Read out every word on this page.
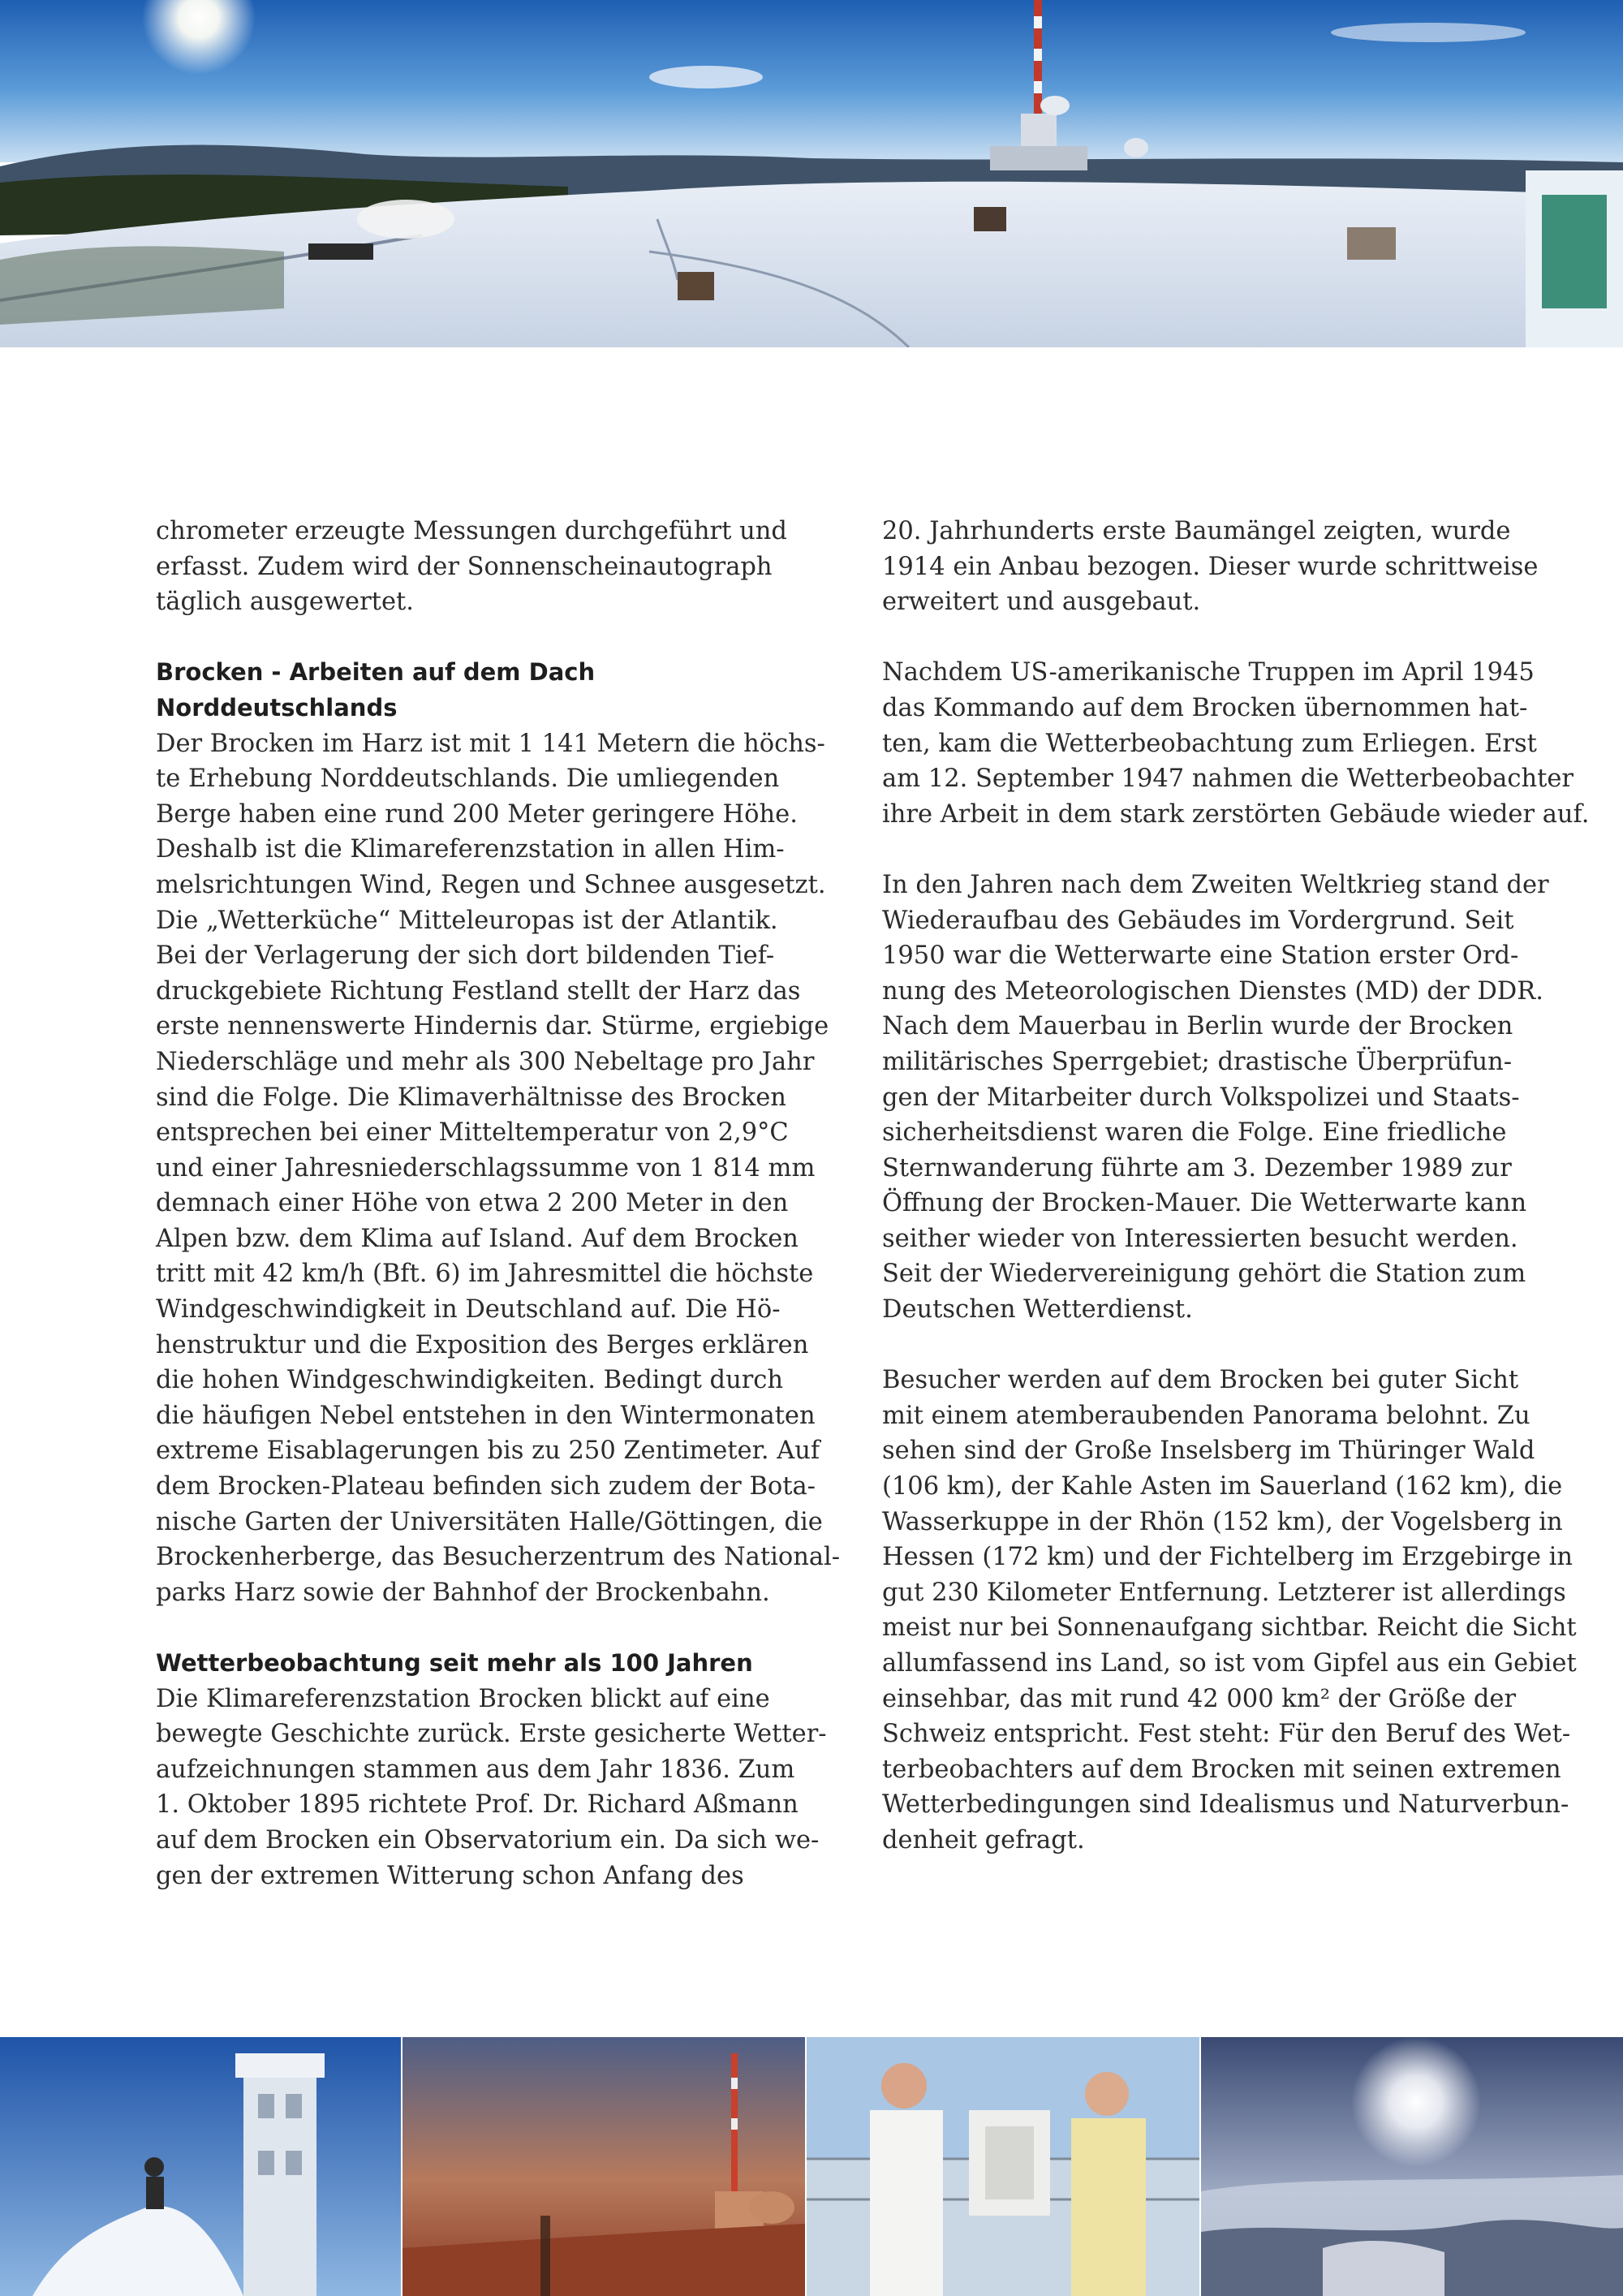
chrometer erzeugte Messungen durchgeführt und
erfasst. Zudem wird der Sonnenscheinautograph
täglich ausgewertet.

Brocken - Arbeiten auf dem Dach Norddeutschlands

Der Brocken im Harz ist mit 1 141 Metern die höchs-
te Erhebung Norddeutschlands. Die umliegenden
Berge haben eine rund 200 Meter geringere Höhe.
Deshalb ist die Klimareferenzstation in allen Him-
melsrichtungen Wind, Regen und Schnee ausgesetzt.
Die „Wetterküche“ Mitteleuropas ist der Atlantik.
Bei der Verlagerung der sich dort bildenden Tief-
druckgebiete Richtung Festland stellt der Harz das
erste nennenswerte Hindernis dar. Stürme, ergiebige
Niederschläge und mehr als 300 Nebeltage pro Jahr
sind die Folge. Die Klimaverhältnisse des Brocken
entsprechen bei einer Mitteltemperatur von 2,9°C
und einer Jahresniederschlagssumme von 1 814 mm
demnach einer Höhe von etwa 2 200 Meter in den
Alpen bzw. dem Klima auf Island. Auf dem Brocken
tritt mit 42 km/h (Bft. 6) im Jahresmittel die höchste
Windgeschwindigkeit in Deutschland auf. Die Hö-
henstruktur und die Exposition des Berges erklären
die hohen Windgeschwindigkeiten. Bedingt durch
die häufigen Nebel entstehen in den Wintermonaten
extreme Eisablagerungen bis zu 250 Zentimeter. Auf
dem Brocken-Plateau befinden sich zudem der Bota-
nische Garten der Universitäten Halle/Göttingen, die
Brockenherberge, das Besucherzentrum des National-
parks Harz sowie der Bahnhof der Brockenbahn.

Wetterbeobachtung seit mehr als 100 Jahren

Die Klimareferenzstation Brocken blickt auf eine
bewegte Geschichte zurück. Erste gesicherte Wetter-
aufzeichnungen stammen aus dem Jahr 1836. Zum
1. Oktober 1895 richtete Prof. Dr. Richard Aßmann
auf dem Brocken ein Observatorium ein. Da sich we-
gen der extremen Witterung schon Anfang des

20. Jahrhunderts erste Baumängel zeigten, wurde
1914 ein Anbau bezogen. Dieser wurde schrittweise
erweitert und ausgebaut.

Nachdem US-amerikanische Truppen im April 1945
das Kommando auf dem Brocken übernommen hat-
ten, kam die Wetterbeobachtung zum Erliegen. Erst
am 12. September 1947 nahmen die Wetterbeobachter
ihre Arbeit in dem stark zerstörten Gebäude wieder auf.

In den Jahren nach dem Zweiten Weltkrieg stand der
Wiederaufbau des Gebäudes im Vordergrund. Seit
1950 war die Wetterwarte eine Station erster Ord-
nung des Meteorologischen Dienstes (MD) der DDR.
Nach dem Mauerbau in Berlin wurde der Brocken
militärisches Sperrgebiet; drastische Überprüfun-
gen der Mitarbeiter durch Volkspolizei und Staats-
sicherheitsdienst waren die Folge. Eine friedliche
Sternwanderung führte am 3. Dezember 1989 zur
Öffnung der Brocken-Mauer. Die Wetterwarte kann
seither wieder von Interessierten besucht werden.
Seit der Wiedervereinigung gehört die Station zum
Deutschen Wetterdienst.

Besucher werden auf dem Brocken bei guter Sicht
mit einem atemberaubenden Panorama belohnt. Zu
sehen sind der Große Inselsberg im Thüringer Wald
(106 km), der Kahle Asten im Sauerland (162 km), die
Wasserkuppe in der Rhön (152 km), der Vogelsberg in
Hessen (172 km) und der Fichtelberg im Erzgebirge in
gut 230 Kilometer Entfernung. Letzterer ist allerdings
meist nur bei Sonnenaufgang sichtbar. Reicht die Sicht
allumfassend ins Land, so ist vom Gipfel aus ein Gebiet
einsehbar, das mit rund 42 000 km² der Größe der
Schweiz entspricht. Fest steht: Für den Beruf des Wet-
terbeobachters auf dem Brocken mit seinen extremen
Wetterbedingungen sind Idealismus und Naturverbun-
denheit gefragt.
